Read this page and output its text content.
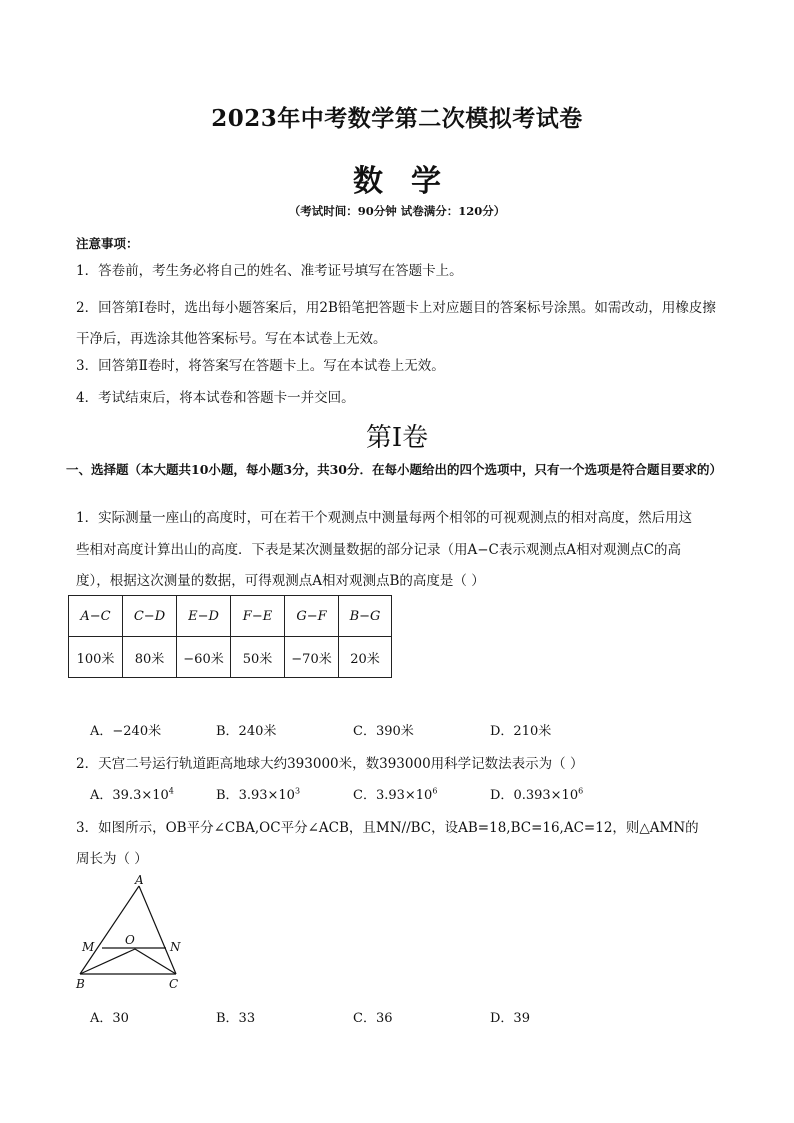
2023年中考数学第二次模拟考试卷
数学
（考试时间：90分钟 试卷满分：120分）
注意事项：
1．答卷前，考生务必将自己的姓名、准考证号填写在答题卡上。
2．回答第Ⅰ卷时，选出每小题答案后，用2B铅笔把答题卡上对应题目的答案标号涂黑。如需改动，用橡皮擦干净后，再选涂其他答案标号。写在本试卷上无效。
3．回答第Ⅱ卷时，将答案写在答题卡上。写在本试卷上无效。
4．考试结束后，将本试卷和答题卡一并交回。
第Ⅰ卷
一、选择题（本大题共10小题，每小题3分，共30分．在每小题给出的四个选项中，只有一个选项是符合题目要求的）
1．实际测量一座山的高度时，可在若干个观测点中测量每两个相邻的可视观测点的相对高度，然后用这
些相对高度计算出山的高度．下表是某次测量数据的部分记录（用A−C表示观测点A相对观测点C的高
度），根据这次测量的数据，可得观测点A相对观测点B的高度是（ ）
A−C	C−D	E−D	F−E	G−F	B−G
100米	80米	−60米	50米	−70米	20米
A．−240米	B．240米	C．390米	D．210米
2．天宫二号运行轨道距高地球大约393000米，数393000用科学记数法表示为（ ）
A．$39.3\times 10^4$	B．$3.93\times 10^3$	C．$3.93\times 10^6$	D．$0.393\times 10^6$
3．如图所示，OB平分∠CBA,OC平分∠ACB，且MN//BC，设AB=18,BC=16,AC=12，则△AMN的
周长为（ ）
A
M	O	N
B	C
A．30	B．33	C．36	D．39
